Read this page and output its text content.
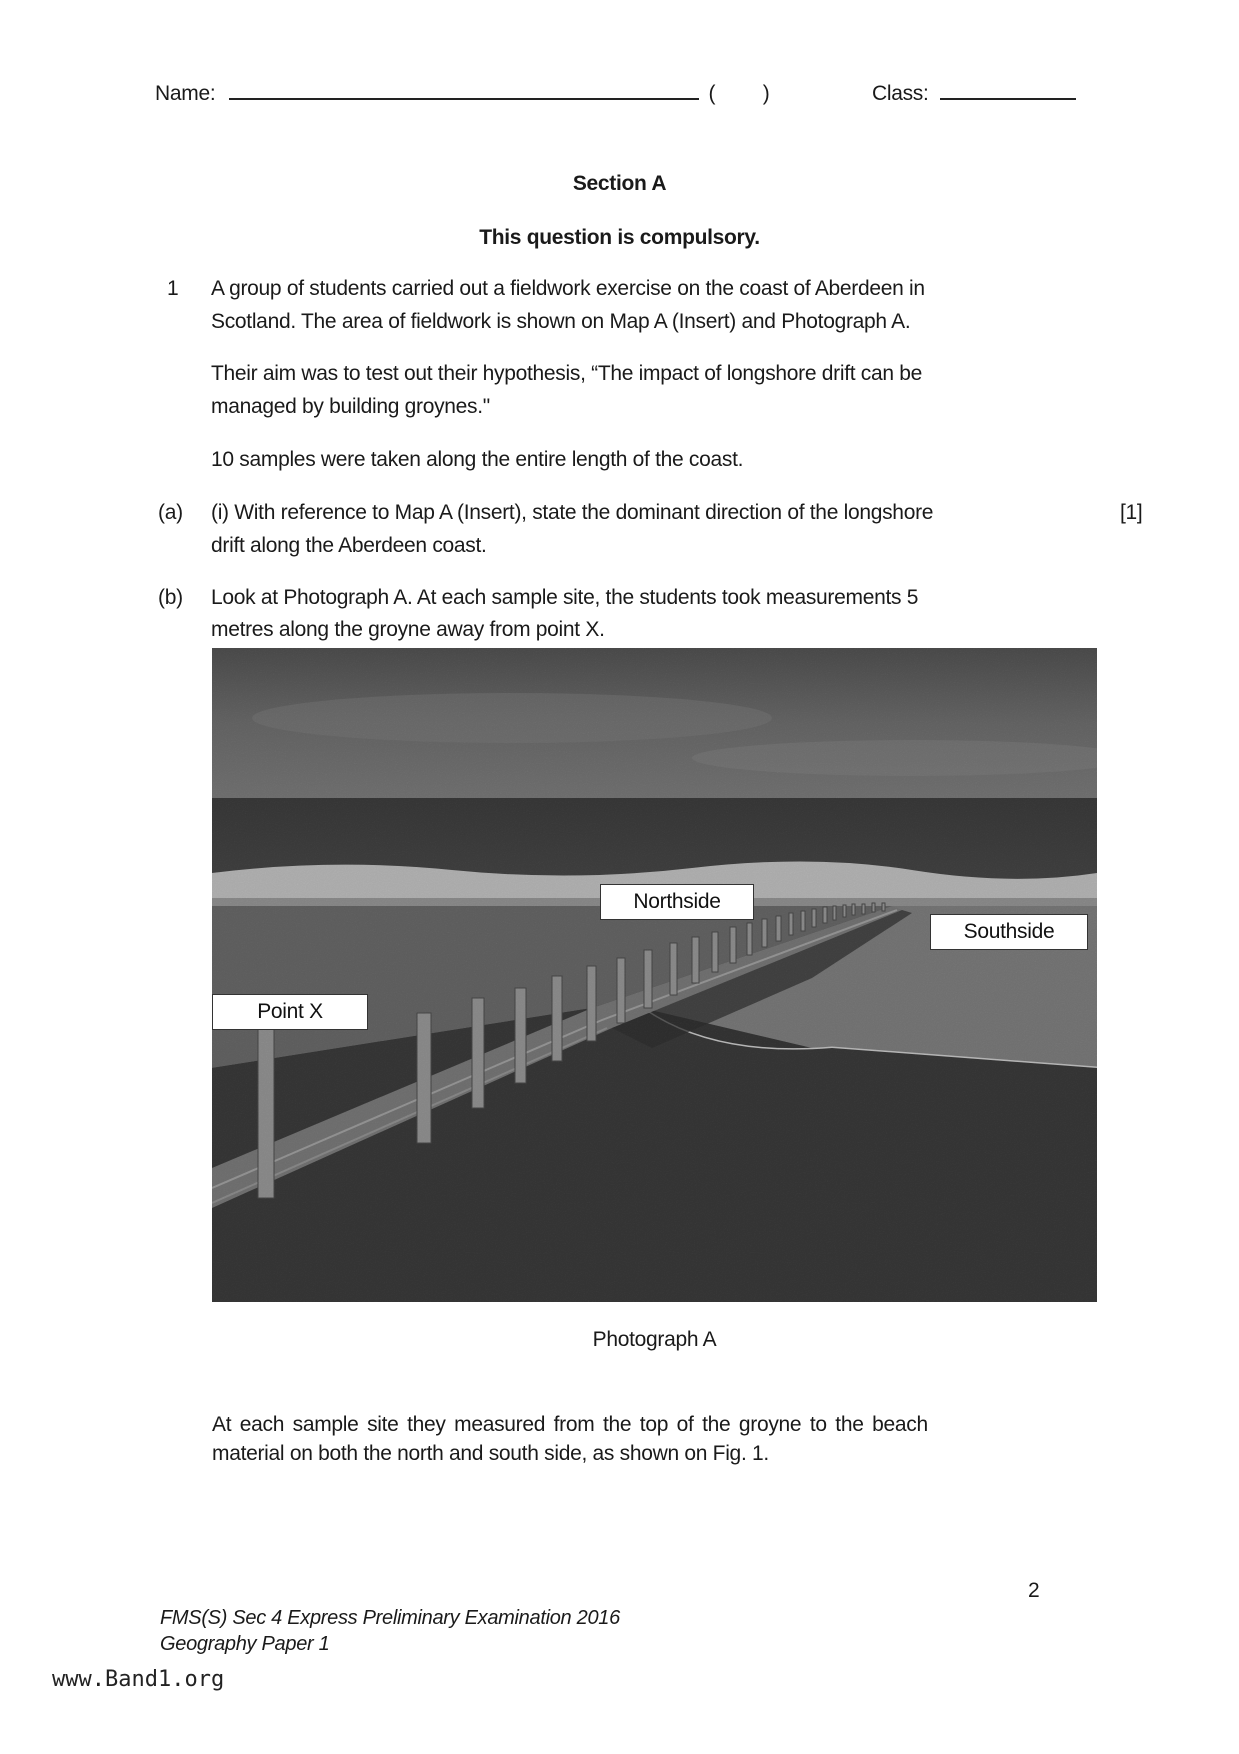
Name:	( )	Class:
Section A
This question is compulsory.
1 A group of students carried out a fieldwork exercise on the coast of Aberdeen in
Scotland. The area of fieldwork is shown on Map A (Insert) and Photograph A.
Their aim was to test out their hypothesis, “The impact of longshore drift can be
managed by building groynes."
10 samples were taken along the entire length of the coast.
(a) (i) With reference to Map A (Insert), state the dominant direction of the longshore	[1]
drift along the Aberdeen coast.
(b) Look at Photograph A. At each sample site, the students took measurements 5
metres along the groyne away from point X.
Northside
Southside
Point X
Photograph A
At each sample site they measured from the top of the groyne to the beach
material on both the north and south side, as shown on Fig. 1.
2
FMS(S) Sec 4 Express Preliminary Examination 2016
Geography Paper 1
www.Band1.org
